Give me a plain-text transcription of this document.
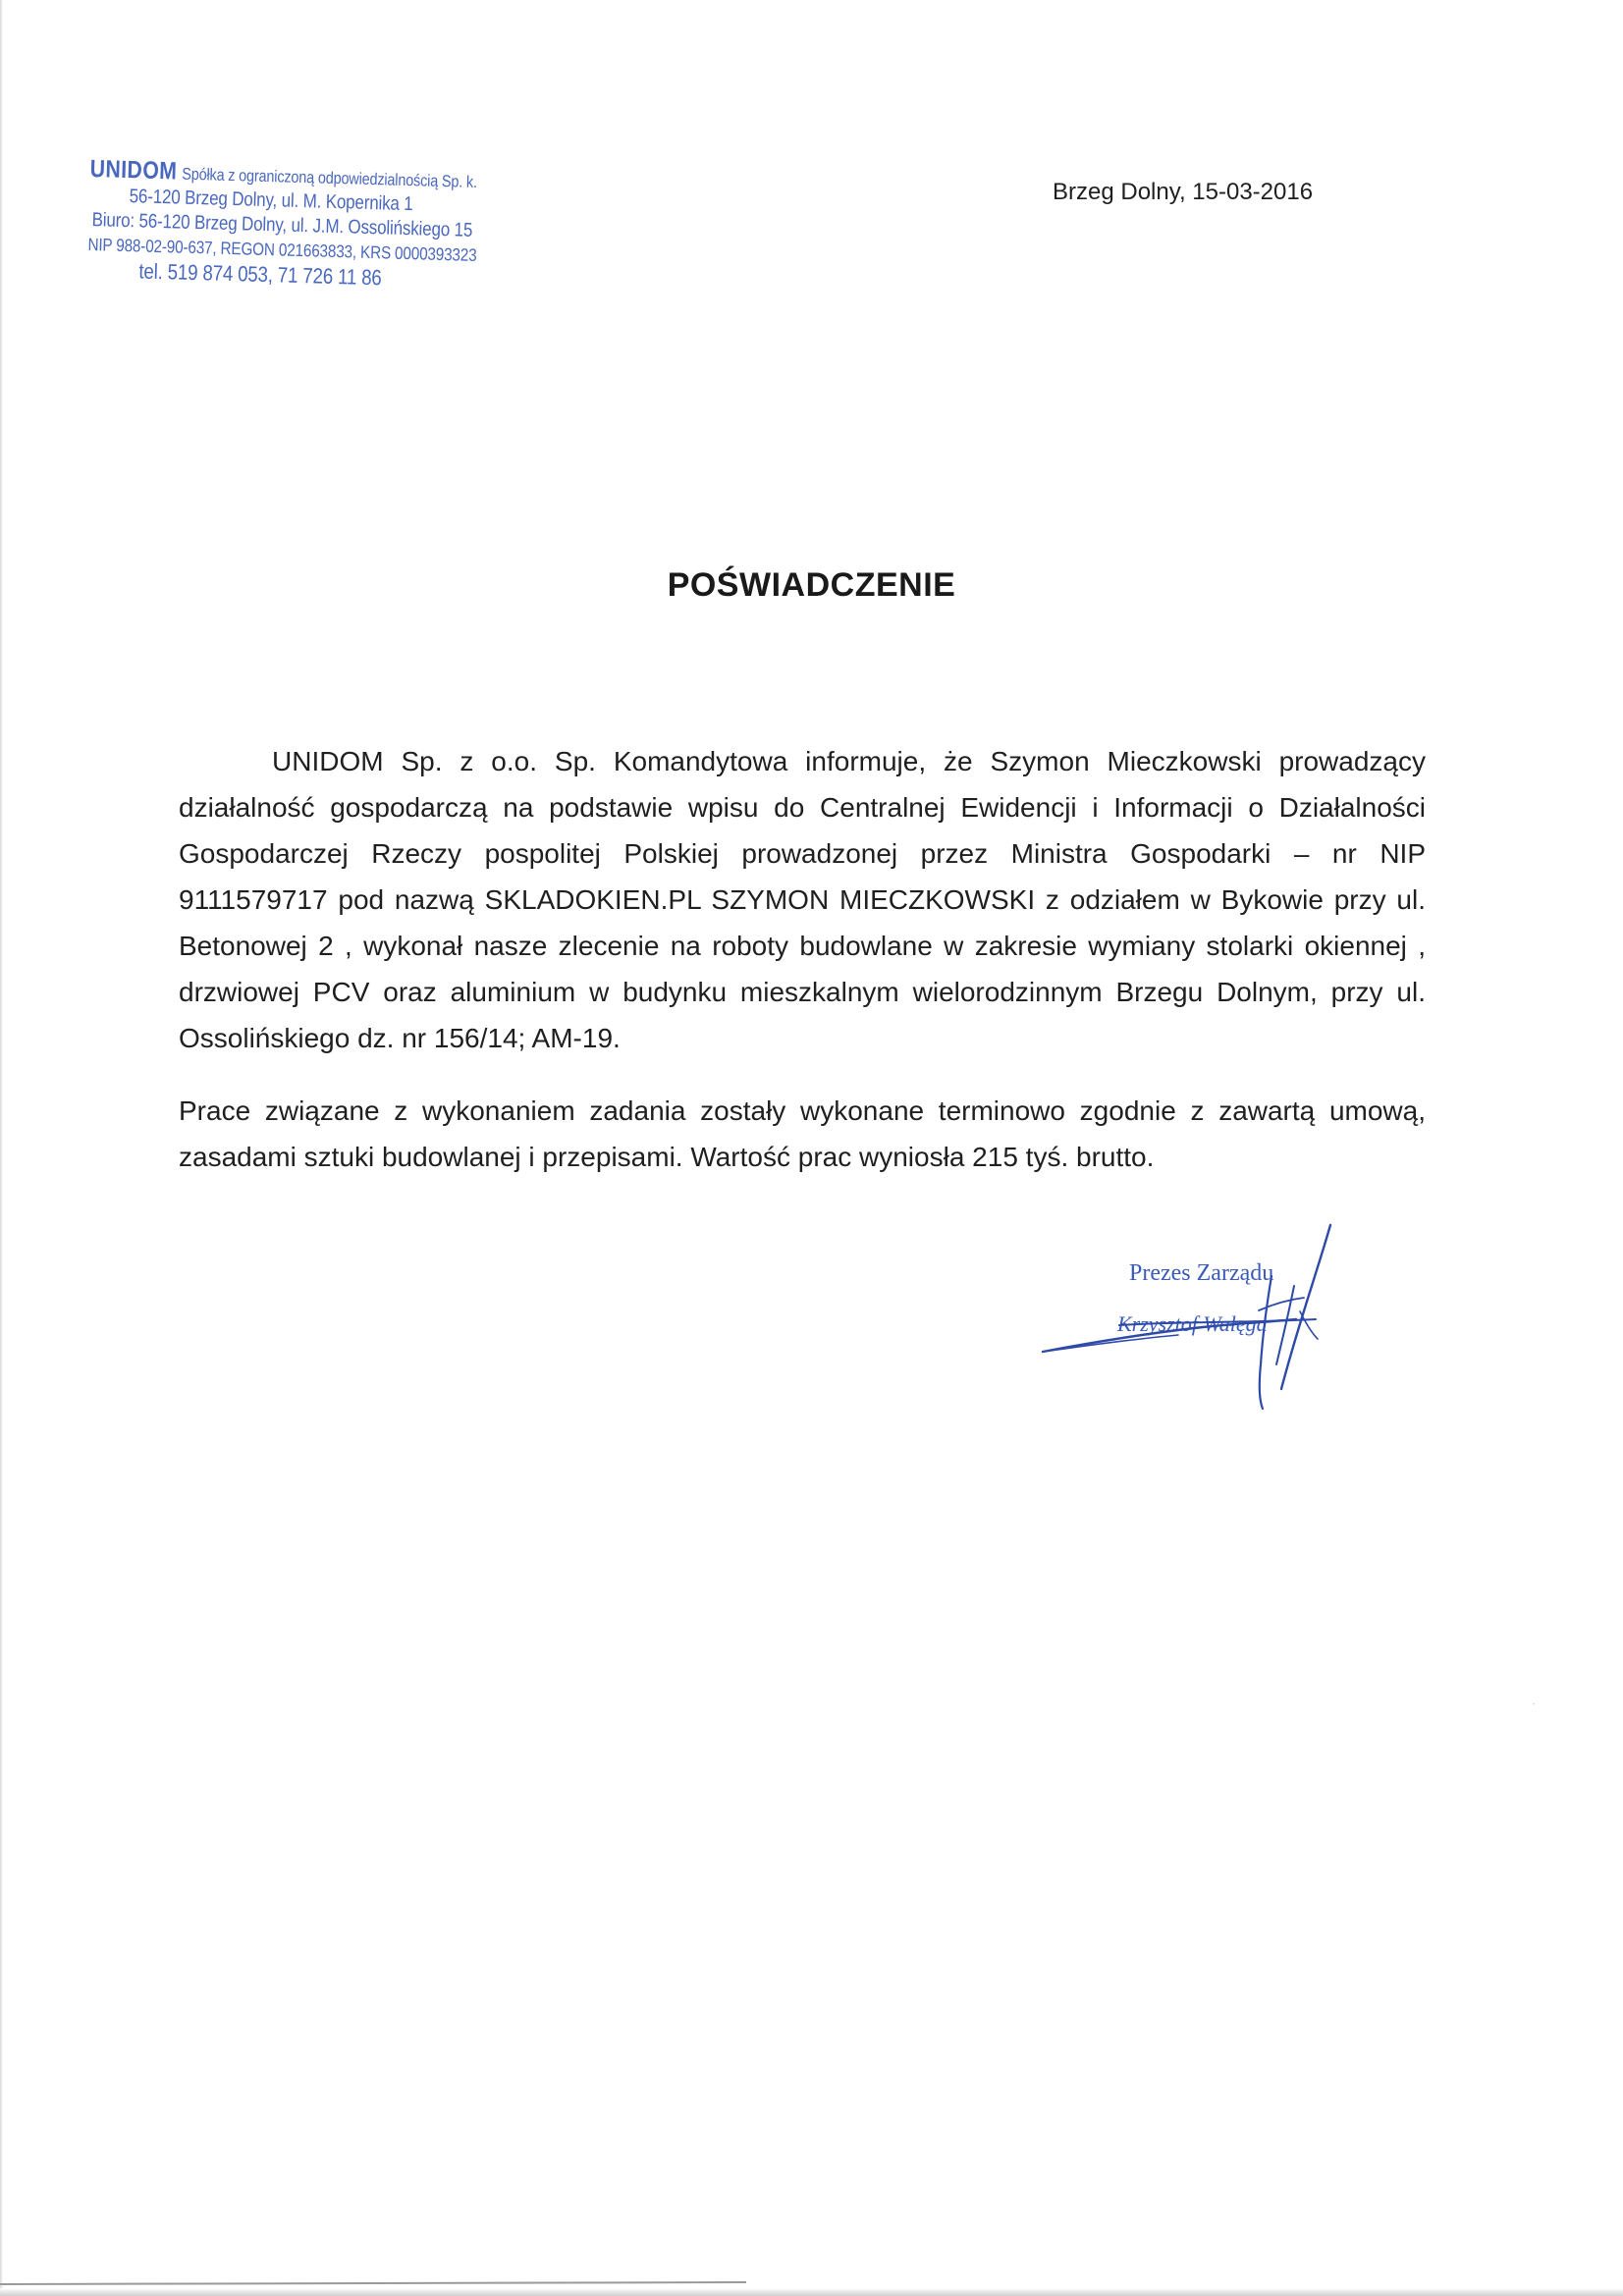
UNIDOM Spółka z ograniczoną odpowiedzialnością Sp. k.
56-120 Brzeg Dolny, ul. M. Kopernika 1
Biuro: 56-120 Brzeg Dolny, ul. J.M. Ossolińskiego 15
NIP 988-02-90-637, REGON 021663833, KRS 0000393323
tel. 519 874 053, 71 726 11 86
Brzeg Dolny, 15-03-2016
POŚWIADCZENIE

UNIDOM Sp. z o.o. Sp. Komandytowa informuje, że Szymon Mieczkowski prowadzący działalność gospodarczą na podstawie wpisu do Centralnej Ewidencji i Informacji o Działalności Gospodarczej Rzeczy pospolitej Polskiej prowadzonej przez Ministra Gospodarki – nr NIP 9111579717 pod nazwą SKLADOKIEN.PL SZYMON MIECZKOWSKI z odziałem w Bykowie przy ul. Betonowej 2 , wykonał nasze zlecenie na roboty budowlane w zakresie wymiany stolarki okiennej , drzwiowej PCV oraz aluminium w budynku mieszkalnym wielorodzinnym Brzegu Dolnym, przy ul. Ossolińskiego dz. nr 156/14; AM-19.

Prace związane z wykonaniem zadania zostały wykonane terminowo zgodnie z zawartą umową, zasadami sztuki budowlanej i przepisami. Wartość prac wyniosła 215 tyś. brutto.

Prezes Zarządu
Krzysztof Wałęga
·
